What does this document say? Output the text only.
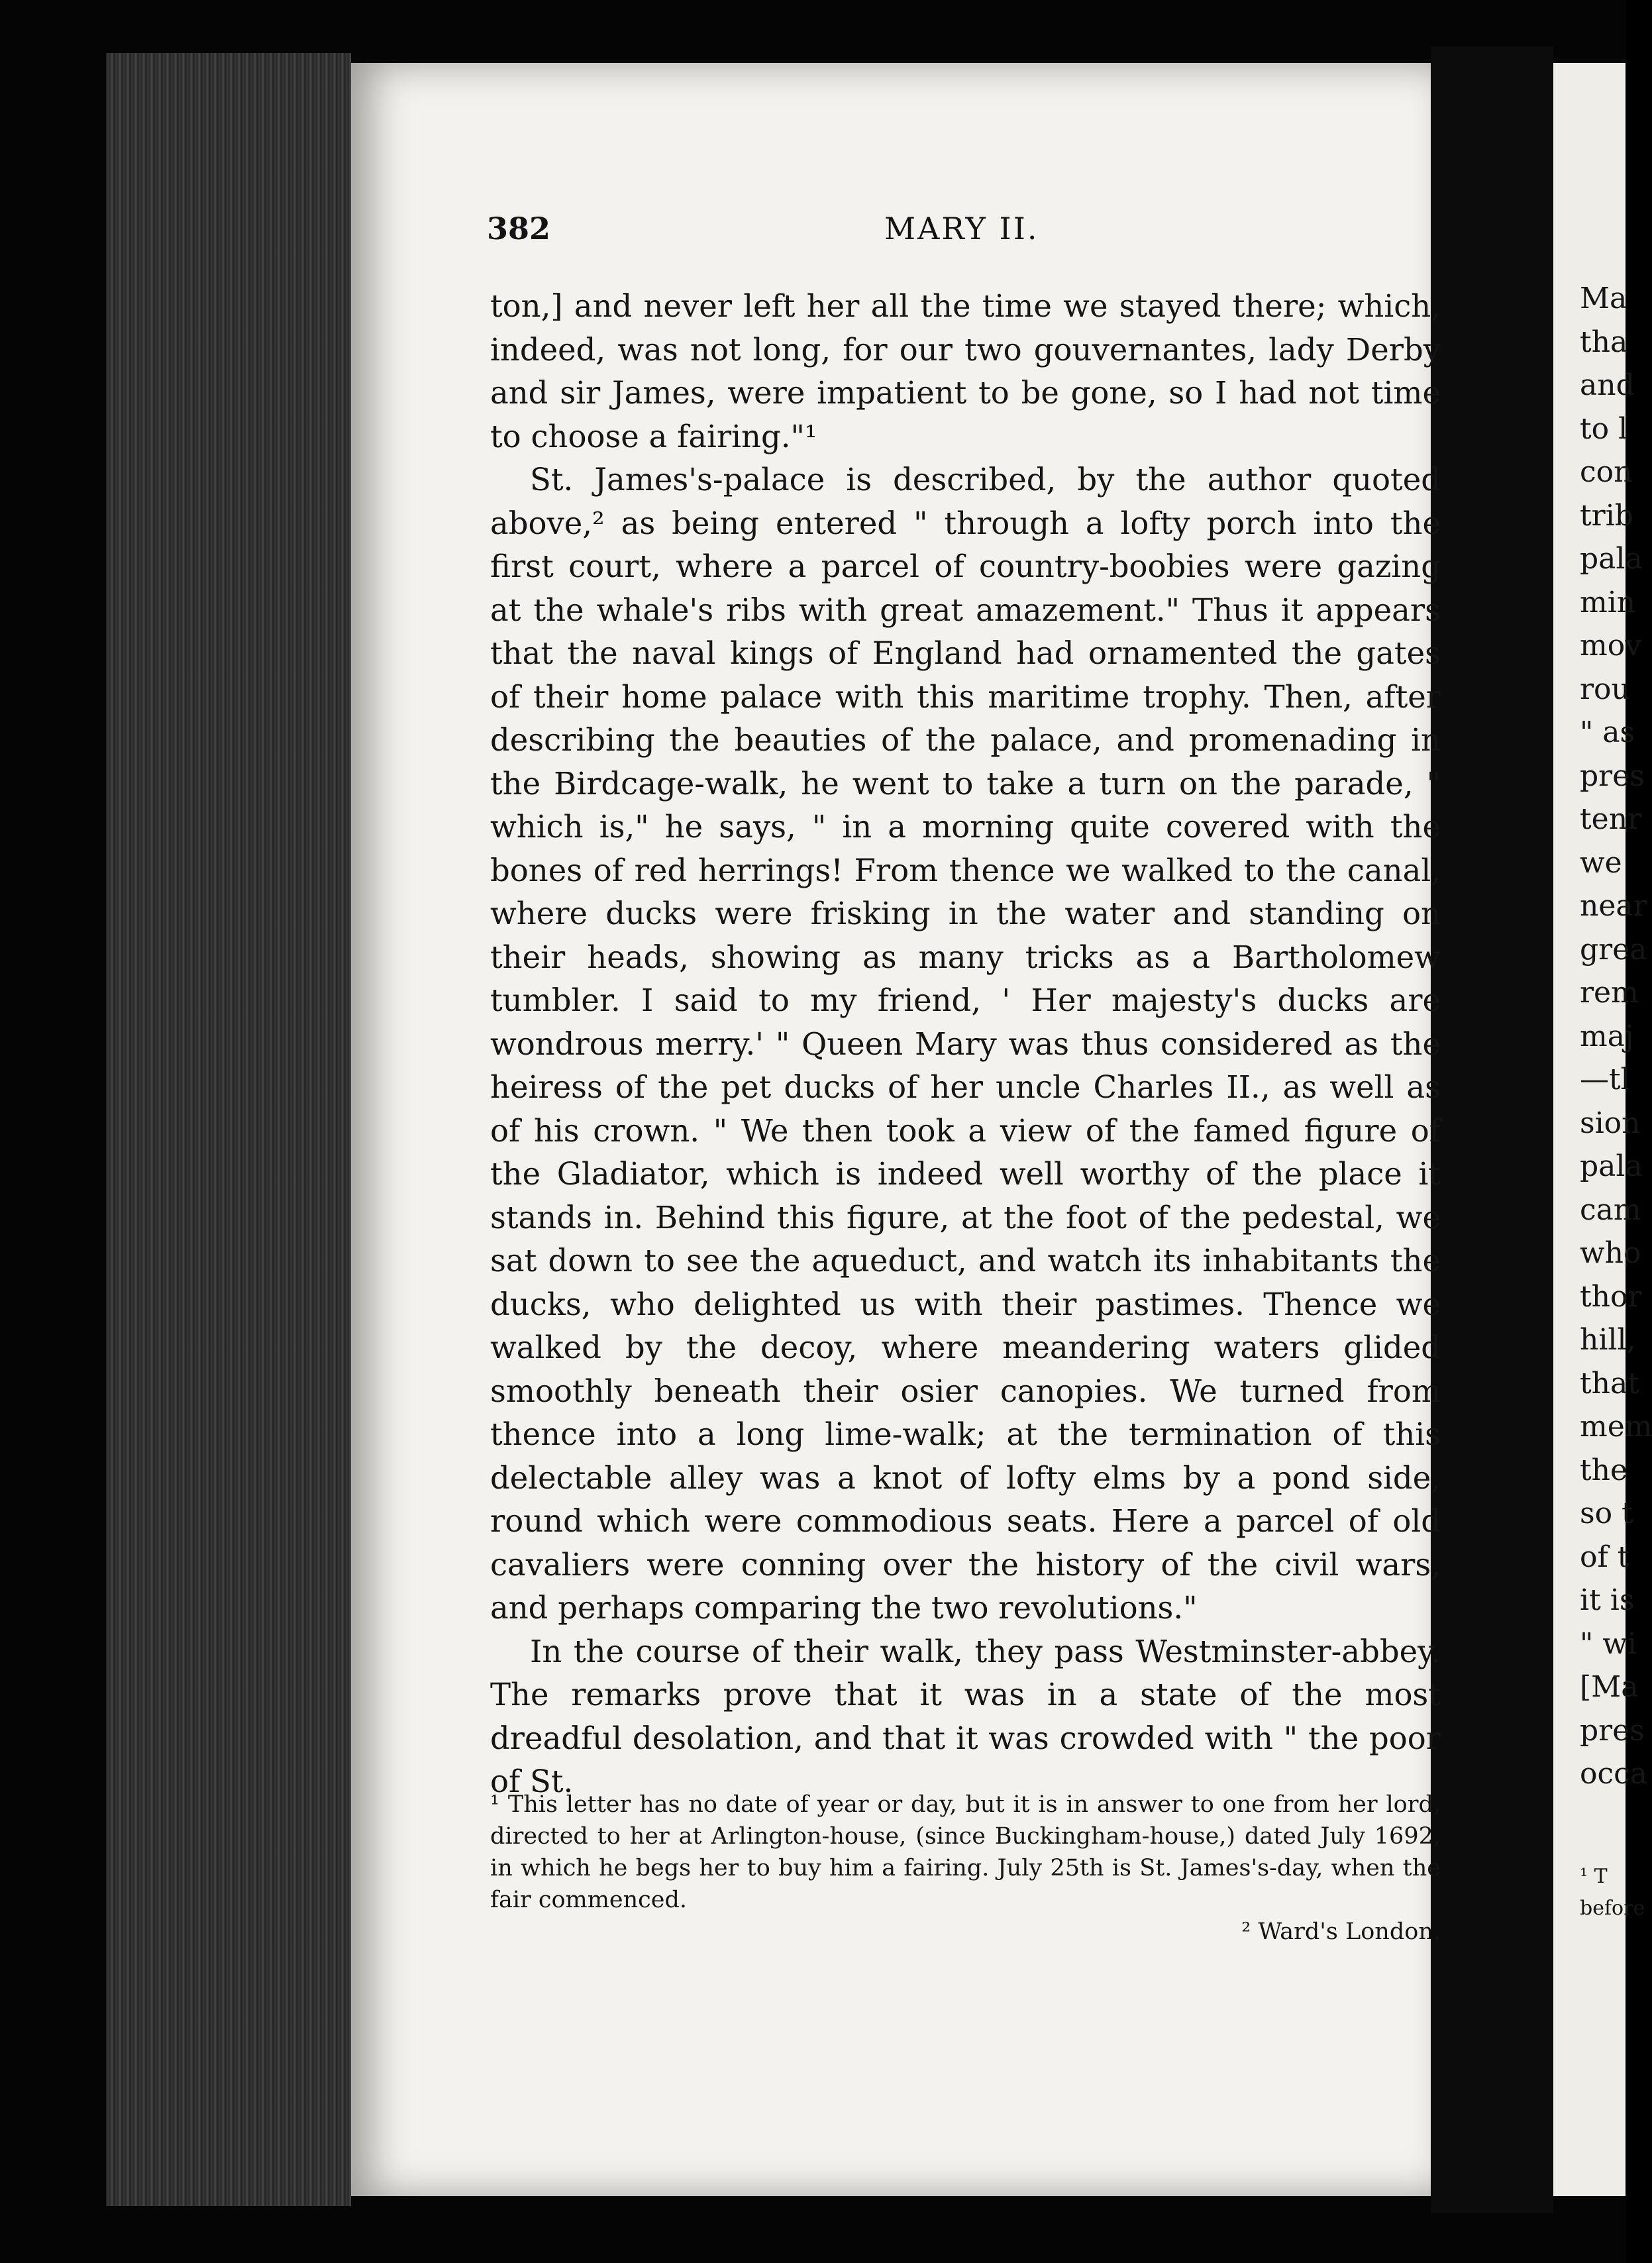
382	MARY II.

ton,] and never left her all the time we stayed there; which, indeed, was not long, for our two gouvernantes, lady Derby and sir James, were impatient to be gone, so I had not time to choose a fairing."¹

St. James's-palace is described, by the author quoted above,² as being entered " through a lofty porch into the first court, where a parcel of country-boobies were gazing at the whale's ribs with great amazement." Thus it appears that the naval kings of England had ornamented the gates of their home palace with this maritime trophy. Then, after describing the beauties of the palace, and promenading in the Birdcage-walk, he went to take a turn on the parade, " which is," he says, " in a morning quite covered with the bones of red herrings! From thence we walked to the canal, where ducks were frisking in the water and standing on their heads, showing as many tricks as a Bartholomew tumbler. I said to my friend, ' Her majesty's ducks are wondrous merry.' " Queen Mary was thus considered as the heiress of the pet ducks of her uncle Charles II., as well as of his crown. " We then took a view of the famed figure of the Gladiator, which is indeed well worthy of the place it stands in. Behind this figure, at the foot of the pedestal, we sat down to see the aqueduct, and watch its inhabitants the ducks, who delighted us with their pastimes. Thence we walked by the decoy, where meandering waters glided smoothly beneath their osier canopies. We turned from thence into a long lime-walk; at the termination of this delectable alley was a knot of lofty elms by a pond side, round which were commodious seats. Here a parcel of old cavaliers were conning over the history of the civil wars, and perhaps comparing the two revolutions."

In the course of their walk, they pass Westminster-abbey. The remarks prove that it was in a state of the most dreadful desolation, and that it was crowded with " the poor of St.

¹ This letter has no date of year or day, but it is in answer to one from her lord, directed to her at Arlington-house, (since Buckingham-house,) dated July 1692, in which he begs her to buy him a fairing. July 25th is St. James's-day, when the fair commenced.

² Ward's London.

Ma
tha
and
to l
con
trib
pala
min
mov
rou
" as
pres
tenr
we
near
grea
rem
maj
—tl
sion
pala
cam
who
thor
hill,
that
mem
the
so t
of t
it is
" wi
[Ma
pres
occa
¹ T
before
